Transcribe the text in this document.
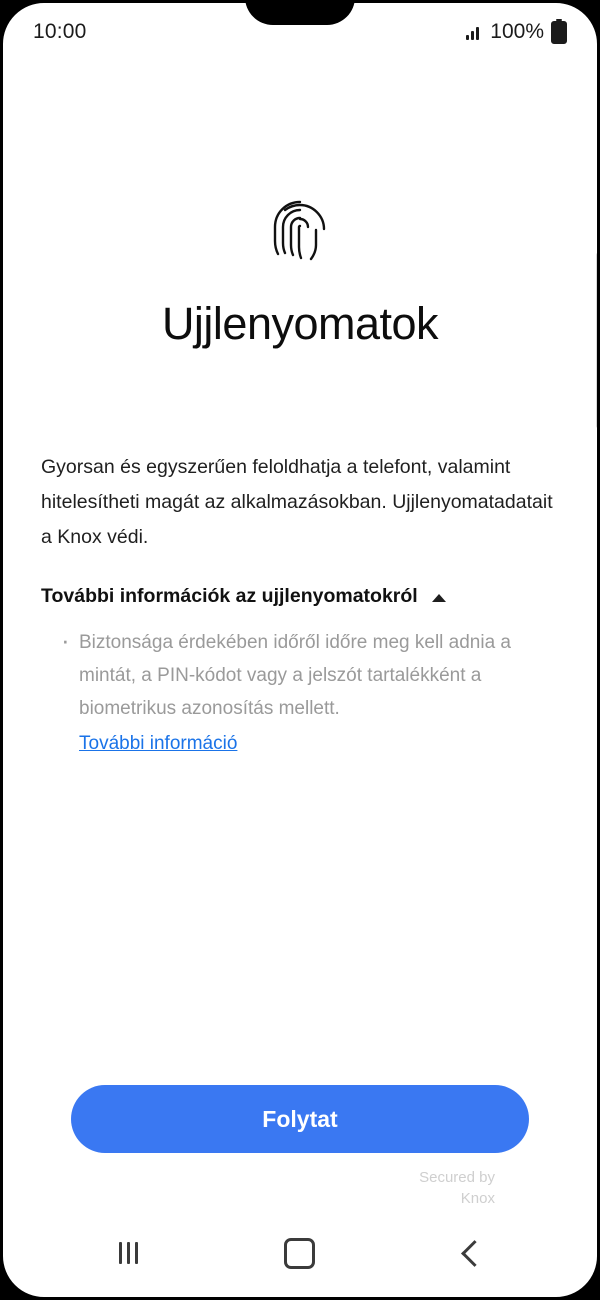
10:00	100%
Ujjlenyomatok
Gyorsan és egyszerűen feloldhatja a telefont, valamint hitelesítheti magát az alkalmazásokban. Ujjlenyomatadatait a Knox védi.
További információk az ujjlenyomatokról
· Biztonsága érdekében időről időre meg kell adnia a mintát, a PIN-kódot vagy a jelszót tartalékként a biometrikus azonosítás mellett.
További információ
Folytat
Secured by
Knox
